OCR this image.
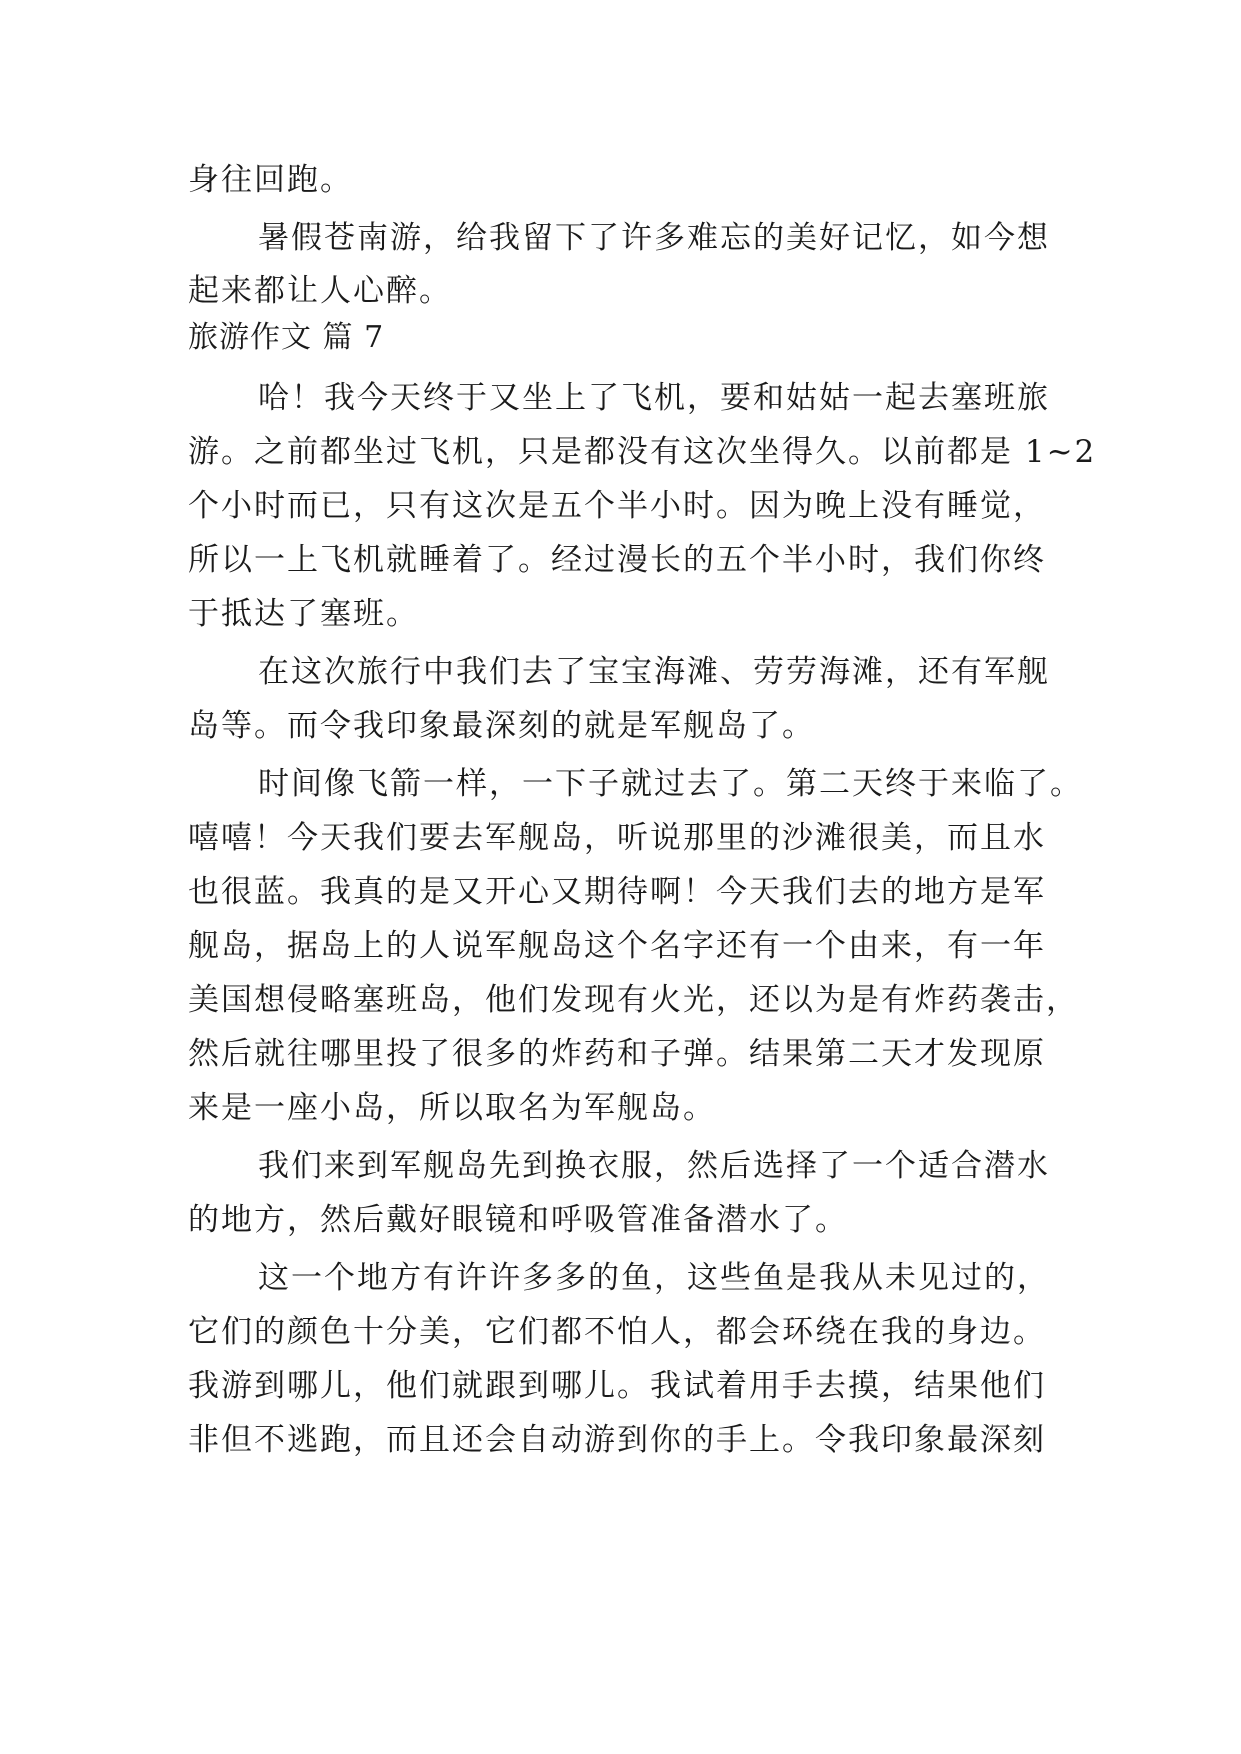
身往回跑。
暑假苍南游，给我留下了许多难忘的美好记忆，如今想
起来都让人心醉。
旅游作文 篇 7
哈！我今天终于又坐上了飞机，要和姑姑一起去塞班旅
游。之前都坐过飞机，只是都没有这次坐得久。以前都是 1~2
个小时而已，只有这次是五个半小时。因为晚上没有睡觉，
所以一上飞机就睡着了。经过漫长的五个半小时，我们你终
于抵达了塞班。
在这次旅行中我们去了宝宝海滩、劳劳海滩，还有军舰
岛等。而令我印象最深刻的就是军舰岛了。
时间像飞箭一样，一下子就过去了。第二天终于来临了。
嘻嘻！今天我们要去军舰岛，听说那里的沙滩很美，而且水
也很蓝。我真的是又开心又期待啊！今天我们去的地方是军
舰岛，据岛上的人说军舰岛这个名字还有一个由来，有一年
美国想侵略塞班岛，他们发现有火光，还以为是有炸药袭击，
然后就往哪里投了很多的炸药和子弹。结果第二天才发现原
来是一座小岛，所以取名为军舰岛。
我们来到军舰岛先到换衣服，然后选择了一个适合潜水
的地方，然后戴好眼镜和呼吸管准备潜水了。
这一个地方有许许多多的鱼，这些鱼是我从未见过的，
它们的颜色十分美，它们都不怕人，都会环绕在我的身边。
我游到哪儿，他们就跟到哪儿。我试着用手去摸，结果他们
非但不逃跑，而且还会自动游到你的手上。令我印象最深刻
